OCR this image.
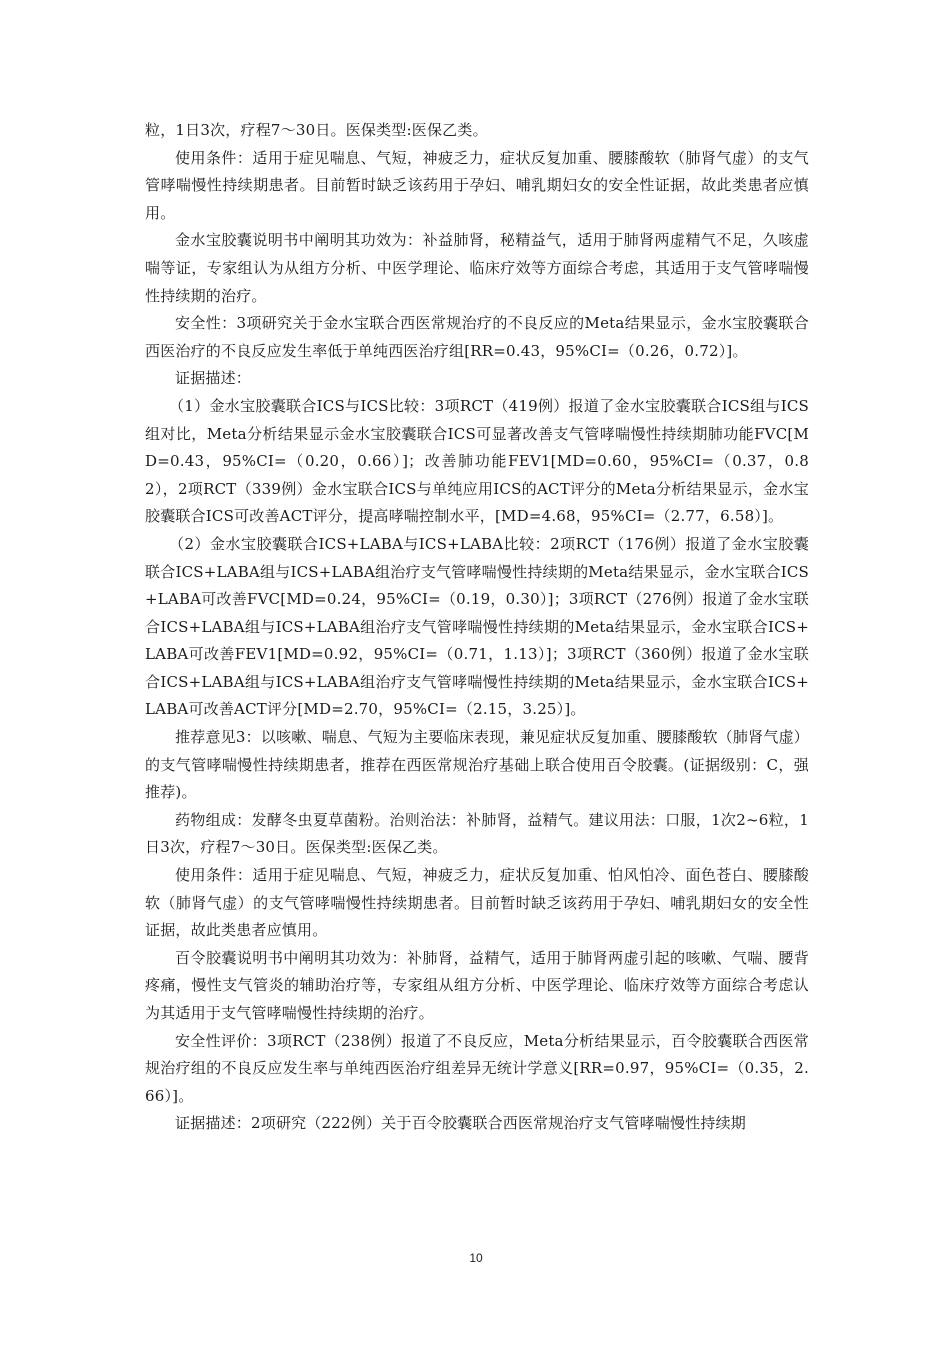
粒，1日3次，疗程7～30日。医保类型:医保乙类。

使用条件：适用于症见喘息、气短，神疲乏力，症状反复加重、腰膝酸软（肺肾气虚）的支气管哮喘慢性持续期患者。目前暂时缺乏该药用于孕妇、哺乳期妇女的安全性证据，故此类患者应慎用。

金水宝胶囊说明书中阐明其功效为：补益肺肾，秘精益气，适用于肺肾两虚精气不足，久咳虚喘等证，专家组认为从组方分析、中医学理论、临床疗效等方面综合考虑，其适用于支气管哮喘慢性持续期的治疗。

安全性：3项研究关于金水宝联合西医常规治疗的不良反应的Meta结果显示，金水宝胶囊联合西医治疗的不良反应发生率低于单纯西医治疗组[RR=0.43，95%CI=（0.26，0.72）]。

证据描述：

（1）金水宝胶囊联合ICS与ICS比较：3项RCT（419例）报道了金水宝胶囊联合ICS组与ICS组对比，Meta分析结果显示金水宝胶囊联合ICS可显著改善支气管哮喘慢性持续期肺功能FVC[MD=0.43，95%CI=（0.20，0.66）]；改善肺功能FEV1[MD=0.60，95%CI=（0.37，0.82），2项RCT（339例）金水宝联合ICS与单纯应用ICS的ACT评分的Meta分析结果显示，金水宝胶囊联合ICS可改善ACT评分，提高哮喘控制水平，[MD=4.68，95%CI=（2.77，6.58）]。

（2）金水宝胶囊联合ICS+LABA与ICS+LABA比较：2项RCT（176例）报道了金水宝胶囊联合ICS+LABA组与ICS+LABA组治疗支气管哮喘慢性持续期的Meta结果显示，金水宝联合ICS+LABA可改善FVC[MD=0.24，95%CI=（0.19，0.30）]；3项RCT（276例）报道了金水宝联合ICS+LABA组与ICS+LABA组治疗支气管哮喘慢性持续期的Meta结果显示，金水宝联合ICS+LABA可改善FEV1[MD=0.92，95%CI=（0.71，1.13）]；3项RCT（360例）报道了金水宝联合ICS+LABA组与ICS+LABA组治疗支气管哮喘慢性持续期的Meta结果显示，金水宝联合ICS+LABA可改善ACT评分[MD=2.70，95%CI=（2.15，3.25）]。

推荐意见3：以咳嗽、喘息、气短为主要临床表现，兼见症状反复加重、腰膝酸软（肺肾气虚）的支气管哮喘慢性持续期患者，推荐在西医常规治疗基础上联合使用百令胶囊。(证据级别：C，强推荐)。

药物组成：发酵冬虫夏草菌粉。治则治法：补肺肾，益精气。建议用法：口服，1次2~6粒，1日3次，疗程7～30日。医保类型:医保乙类。

使用条件：适用于症见喘息、气短，神疲乏力，症状反复加重、怕风怕冷、面色苍白、腰膝酸软（肺肾气虚）的支气管哮喘慢性持续期患者。目前暂时缺乏该药用于孕妇、哺乳期妇女的安全性证据，故此类患者应慎用。

百令胶囊说明书中阐明其功效为：补肺肾，益精气，适用于肺肾两虚引起的咳嗽、气喘、腰背疼痛，慢性支气管炎的辅助治疗等，专家组从组方分析、中医学理论、临床疗效等方面综合考虑认为其适用于支气管哮喘慢性持续期的治疗。

安全性评价：3项RCT（238例）报道了不良反应，Meta分析结果显示，百令胶囊联合西医常规治疗组的不良反应发生率与单纯西医治疗组差异无统计学意义[RR=0.97，95%CI=（0.35，2.66）]。

证据描述：2项研究（222例）关于百令胶囊联合西医常规治疗支气管哮喘慢性持续期

10
